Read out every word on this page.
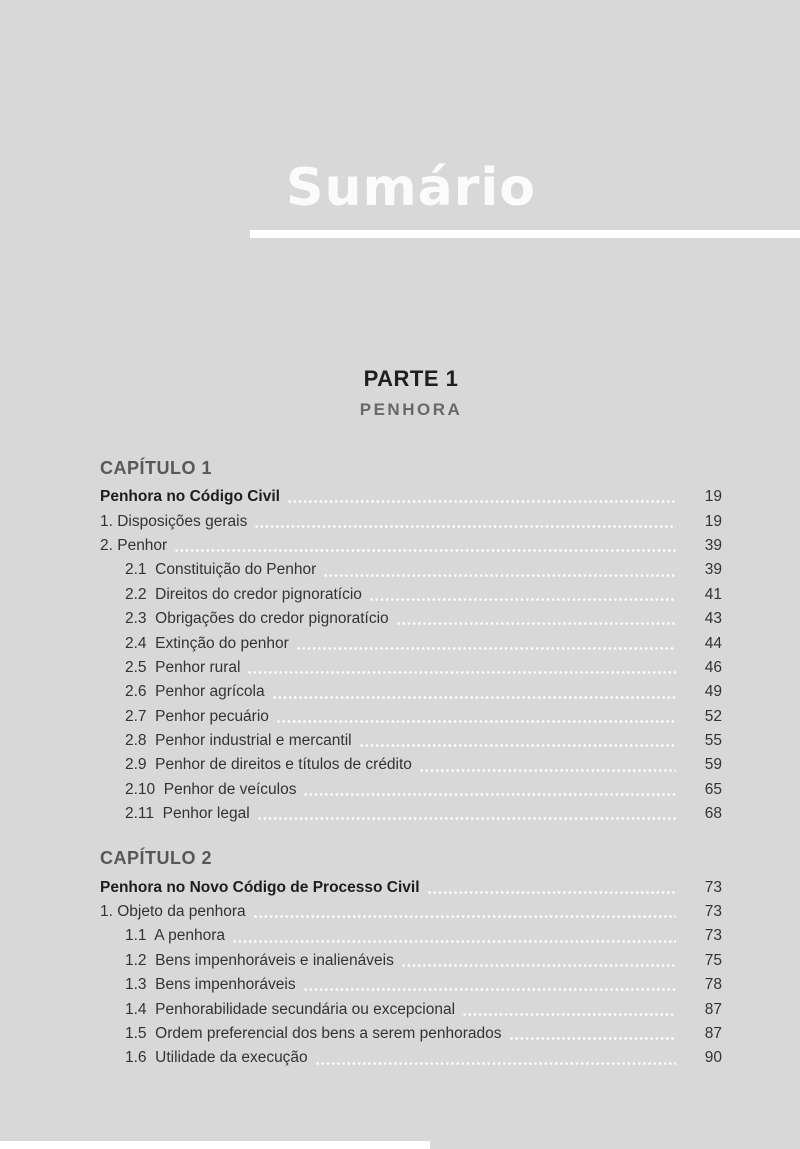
Sumário
PARTE 1
PENHORA
CAPÍTULO 1
Penhora no Código Civil	19
1. Disposições gerais	19
2. Penhor	39
2.1  Constituição do Penhor	39
2.2  Direitos do credor pignoratício	41
2.3  Obrigações do credor pignoratício	43
2.4  Extinção do penhor	44
2.5  Penhor rural	46
2.6  Penhor agrícola	49
2.7  Penhor pecuário	52
2.8  Penhor industrial e mercantil	55
2.9  Penhor de direitos e títulos de crédito	59
2.10  Penhor de veículos	65
2.11  Penhor legal	68
CAPÍTULO 2
Penhora no Novo Código de Processo Civil	73
1. Objeto da penhora	73
1.1  A penhora	73
1.2  Bens impenhoráveis e inalienáveis	75
1.3  Bens impenhoráveis	78
1.4  Penhorabilidade secundária ou excepcional	87
1.5  Ordem preferencial dos bens a serem penhorados	87
1.6  Utilidade da execução	90
